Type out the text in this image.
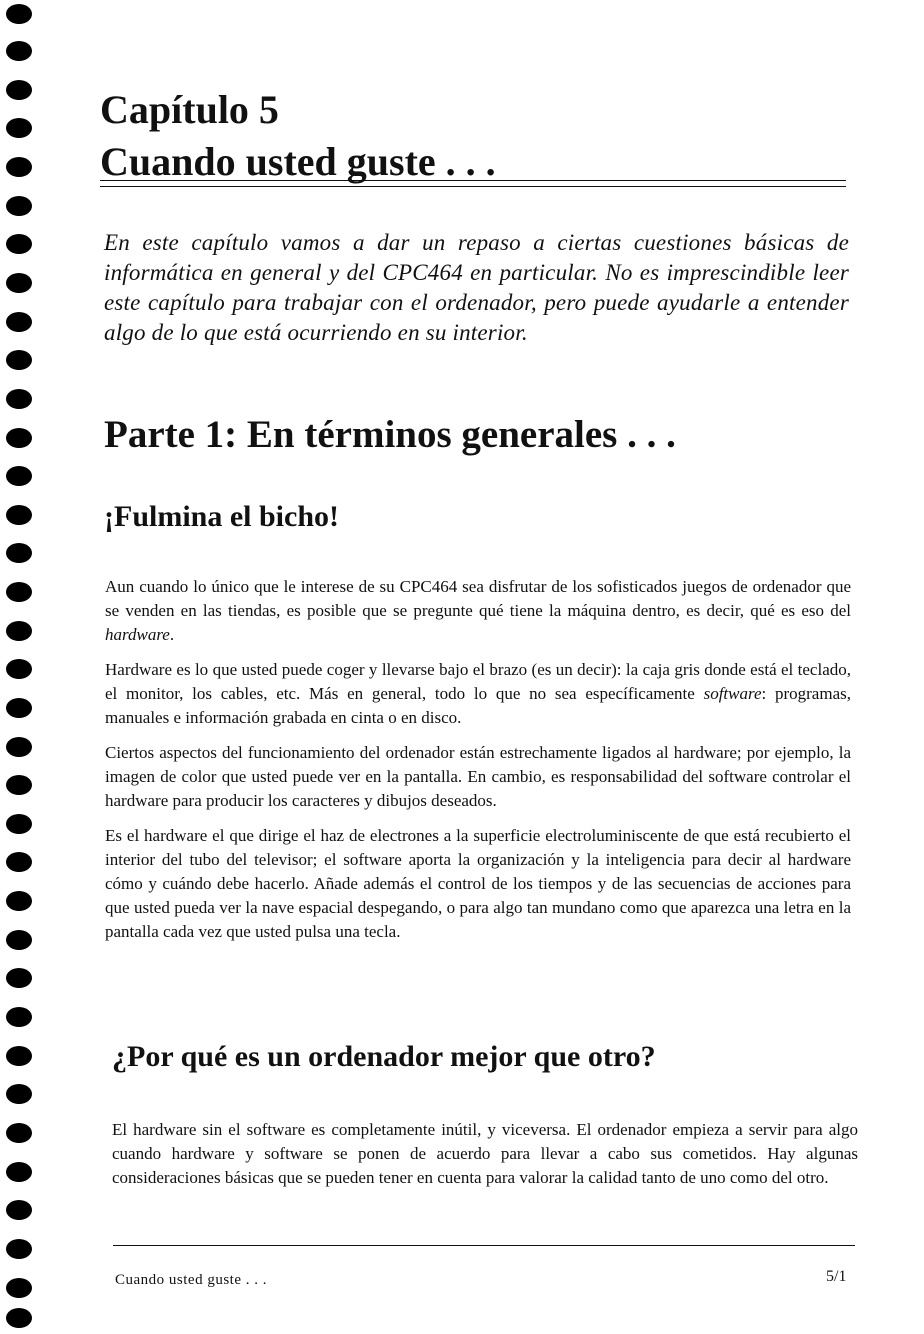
Capítulo 5
Cuando usted guste . . .

En este capítulo vamos a dar un repaso a ciertas cuestiones básicas de informática en general y del CPC464 en particular. No es imprescindible leer este capítulo para trabajar con el ordenador, pero puede ayudarle a entender algo de lo que está ocurriendo en su interior.

Parte 1: En términos generales . . .
¡Fulmina el bicho!

Aun cuando lo único que le interese de su CPC464 sea disfrutar de los sofisticados juegos de ordenador que se venden en las tiendas, es posible que se pregunte qué tiene la máquina dentro, es decir, qué es eso del hardware.

Hardware es lo que usted puede coger y llevarse bajo el brazo (es un decir): la caja gris donde está el teclado, el monitor, los cables, etc. Más en general, todo lo que no sea específicamente software: programas, manuales e información grabada en cinta o en disco.

Ciertos aspectos del funcionamiento del ordenador están estrechamente ligados al hardware; por ejemplo, la imagen de color que usted puede ver en la pantalla. En cambio, es responsabilidad del software controlar el hardware para producir los caracteres y dibujos deseados.

Es el hardware el que dirige el haz de electrones a la superficie electroluminiscente de que está recubierto el interior del tubo del televisor; el software aporta la organización y la inteligencia para decir al hardware cómo y cuándo debe hacerlo. Añade además el control de los tiempos y de las secuencias de acciones para que usted pueda ver la nave espacial despegando, o para algo tan mundano como que aparezca una letra en la pantalla cada vez que usted pulsa una tecla.

¿Por qué es un ordenador mejor que otro?

El hardware sin el software es completamente inútil, y viceversa. El ordenador empieza a servir para algo cuando hardware y software se ponen de acuerdo para llevar a cabo sus cometidos. Hay algunas consideraciones básicas que se pueden tener en cuenta para valorar la calidad tanto de uno como del otro.

Cuando usted guste . . .	5/1
